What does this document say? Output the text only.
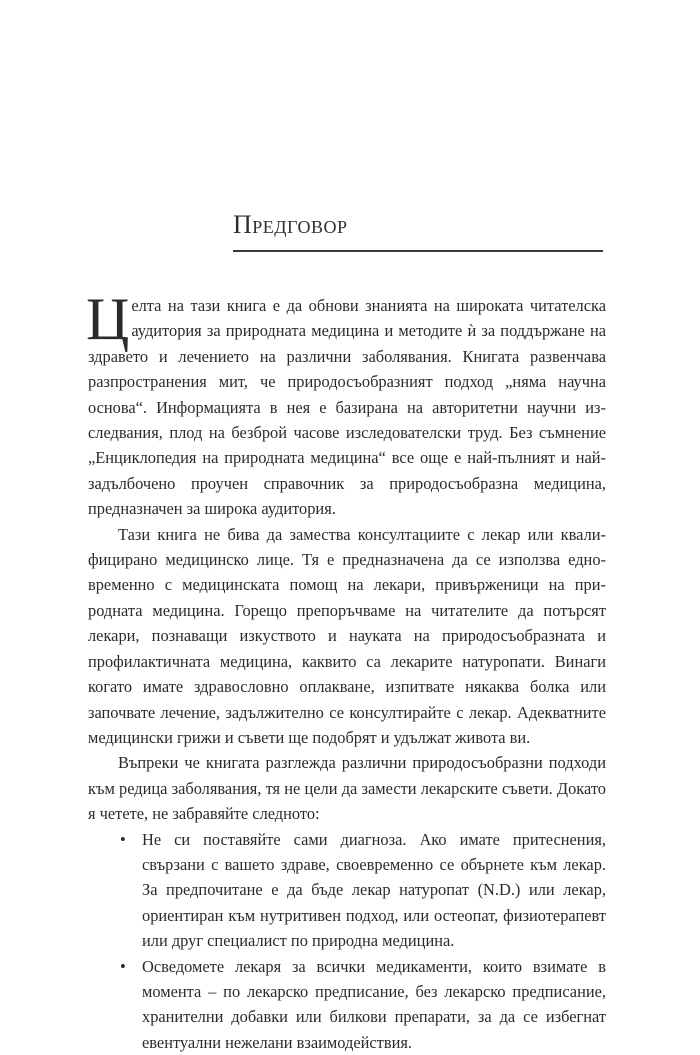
Предговор

Целта на тази книга е да обнови знанията на широката читателска аудитория за природната медицина и методите ѝ за поддържане на здравето и лечението на различни заболявания. Книгата развенчава разпространения мит, че природосъобразният подход „няма научна основа“. Информацията в нея е базирана на авторитетни научни изследвания, плод на безброй часове изследователски труд. Без съмнение „Енциклопедия на природната медицина“ все още е най-пълният и най-задълбочено проучен справочник за природосъобразна медицина, предназначен за широка аудитория.

Тази книга не бива да замества консултациите с лекар или квалифицирано медицинско лице. Тя е предназначена да се използва едновременно с медицинската помощ на лекари, привърженици на природната медицина. Горещо препоръчваме на читателите да потърсят лекари, познаващи изкуството и науката на природосъобразната и профилактичната медицина, каквито са лекарите натуропати. Винаги когато имате здравословно оплакване, изпитвате някаква болка или започвате лечение, задължително се консултирайте с лекар. Адекватните медицински грижи и съвети ще подобрят и удължат живота ви.

Въпреки че книгата разглежда различни природосъобразни подходи към редица заболявания, тя не цели да замести лекарските съвети. Докато я четете, не забравяйте следното:

• Не си поставяйте сами диагноза. Ако имате притеснения, свързани с вашето здраве, своевременно се обърнете към лекар. За предпочитане е да бъде лекар натуропат (N.D.) или лекар, ориентиран към нутритивен подход, или остеопат, физиотерапевт или друг специалист по природна медицина.
• Осведомете лекаря за всички медикаменти, които взимате в момента – по лекарско предписание, без лекарско предписание, хранителни добавки или билкови препарати, за да се избегнат евентуални нежелани взаимодействия.
